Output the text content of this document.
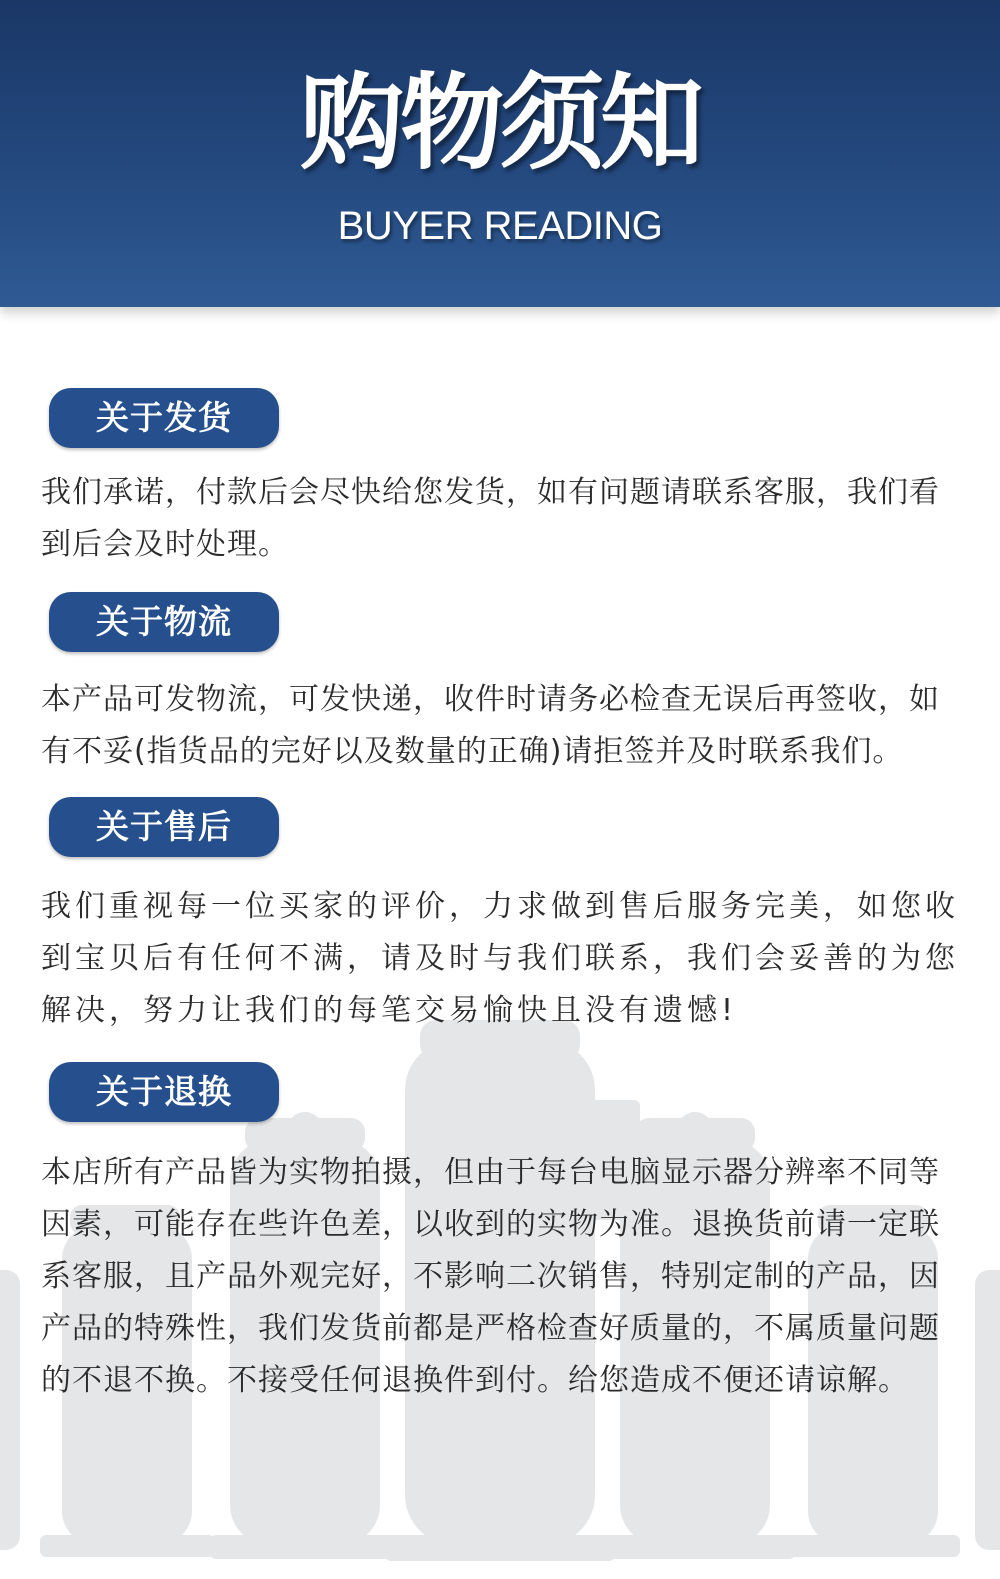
购物须知
BUYER READING
关于发货

我们承诺，付款后会尽快给您发货，如有问题请联系客服，我们看到后会及时处理。

关于物流

本产品可发物流，可发快递，收件时请务必检查无误后再签收，如有不妥(指货品的完好以及数量的正确)请拒签并及时联系我们。

关于售后

我们重视每一位买家的评价，力求做到售后服务完美，如您收到宝贝后有任何不满，请及时与我们联系，我们会妥善的为您解决，努力让我们的每笔交易愉快且没有遗憾!

关于退换

本店所有产品皆为实物拍摄，但由于每台电脑显示器分辨率不同等因素，可能存在些许色差，以收到的实物为准。退换货前请一定联系客服，且产品外观完好，不影响二次销售，特别定制的产品，因产品的特殊性，我们发货前都是严格检查好质量的，不属质量问题的不退不换。不接受任何退换件到付。给您造成不便还请谅解。
